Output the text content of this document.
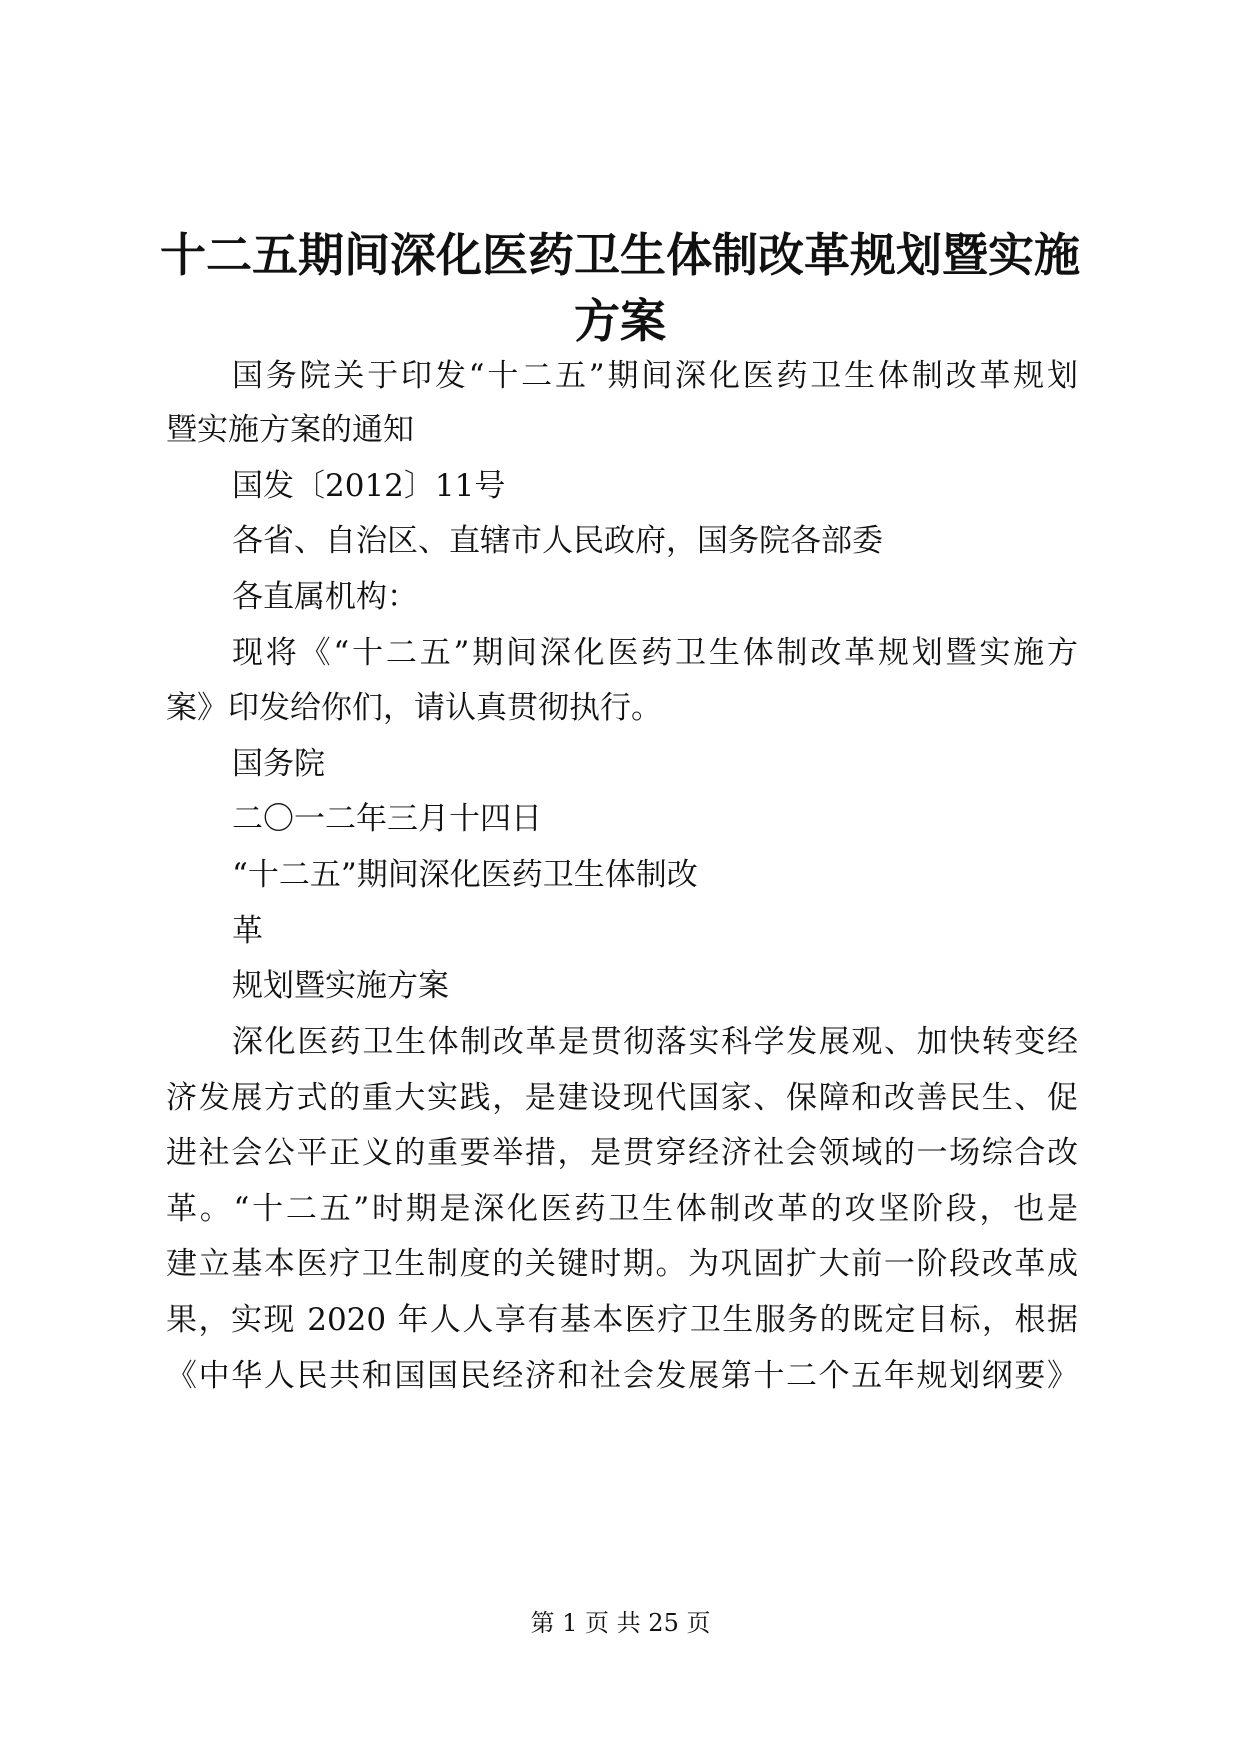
十二五期间深化医药卫生体制改革规划暨实施
方案

国务院关于印发“十二五”期间深化医药卫生体制改革规划

暨实施方案的通知

国发〔2012〕11号

各省、自治区、直辖市人民政府，国务院各部委

各直属机构：

现将《“十二五”期间深化医药卫生体制改革规划暨实施方

案》印发给你们，请认真贯彻执行。

国务院

二〇一二年三月十四日

“十二五”期间深化医药卫生体制改

革

规划暨实施方案

深化医药卫生体制改革是贯彻落实科学发展观、加快转变经

济发展方式的重大实践，是建设现代国家、保障和改善民生、促

进社会公平正义的重要举措，是贯穿经济社会领域的一场综合改

革。“十二五”时期是深化医药卫生体制改革的攻坚阶段，也是

建立基本医疗卫生制度的关键时期。为巩固扩大前一阶段改革成

果，实现 2020 年人人享有基本医疗卫生服务的既定目标，根据

《中华人民共和国国民经济和社会发展第十二个五年规划纲要》

第 1 页 共 25 页
